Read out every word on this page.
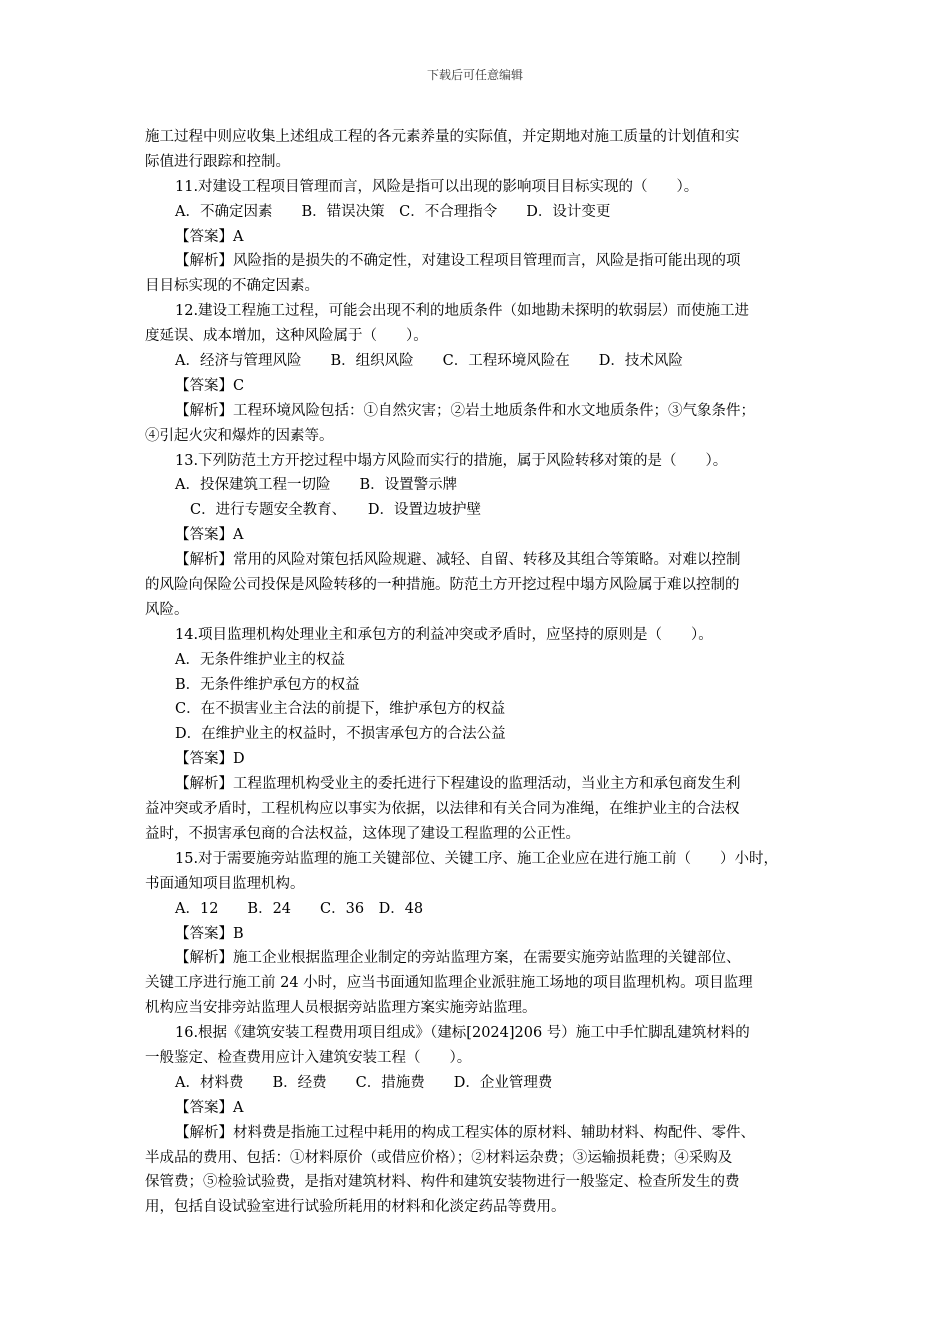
下载后可任意编辑
施工过程中则应收集上述组成工程的各元素养量的实际值，并定期地对施工质量的计划值和实
际值进行跟踪和控制。
11.对建设工程项目管理而言，风险是指可以出现的影响项目目标实现的（　　）。
A．不确定因素　　B．错误决策　C．不合理指令　　D．设计变更
【答案】A
【解析】风险指的是损失的不确定性，对建设工程项目管理而言，风险是指可能出现的项
目目标实现的不确定因素。
12.建设工程施工过程，可能会出现不利的地质条件（如地勘未探明的软弱层）而使施工进
度延误、成本增加，这种风险属于（　　）。
A．经济与管理风险　　B．组织风险　　C．工程环境风险在　　D．技术风险
【答案】C
【解析】工程环境风险包括：①自然灾害；②岩土地质条件和水文地质条件；③气象条件；
④引起火灾和爆炸的因素等。
13.下列防范土方开挖过程中塌方风险而实行的措施，属于风险转移对策的是（　　）。
A．投保建筑工程一切险　　B．设置警示牌
C．进行专题安全教育、　　D．设置边坡护壁
【答案】A
【解析】常用的风险对策包括风险规避、减轻、自留、转移及其组合等策略。对难以控制
的风险向保险公司投保是风险转移的一种措施。防范土方开挖过程中塌方风险属于难以控制的
风险。
14.项目监理机构处理业主和承包方的利益冲突或矛盾时，应坚持的原则是（　　）。
A．无条件维护业主的权益
B．无条件维护承包方的权益
C．在不损害业主合法的前提下，维护承包方的权益
D．在维护业主的权益时，不损害承包方的合法公益
【答案】D
【解析】工程监理机构受业主的委托进行下程建设的监理活动，当业主方和承包商发生利
益冲突或矛盾时，工程机构应以事实为依据，以法律和有关合同为准绳，在维护业主的合法权
益时，不损害承包商的合法权益，这体现了建设工程监理的公正性。
15.对于需要施旁站监理的施工关键部位、关键工序、施工企业应在进行施工前（　　）小时，
书面通知项目监理机构。
A．12　　B．24　　C．36　D．48
【答案】B
【解析】施工企业根据监理企业制定的旁站监理方案，在需要实施旁站监理的关键部位、
关键工序进行施工前 24 小时，应当书面通知监理企业派驻施工场地的项目监理机构。项目监理
机构应当安排旁站监理人员根据旁站监理方案实施旁站监理。
16.根据《建筑安装工程费用项目组成》（建标[2024]206 号）施工中手忙脚乱建筑材料的
一般鉴定、检查费用应计入建筑安装工程（　　）。
A．材料费　　B．经费　　C．措施费　　D．企业管理费
【答案】A
【解析】材料费是指施工过程中耗用的构成工程实体的原材料、辅助材料、构配件、零件、
半成品的费用、包括：①材料原价（或借应价格）；②材料运杂费；③运输损耗费；④采购及
保管费；⑤检验试验费，是指对建筑材料、构件和建筑安装物进行一般鉴定、检查所发生的费
用，包括自设试验室进行试验所耗用的材料和化淡定药品等费用。
